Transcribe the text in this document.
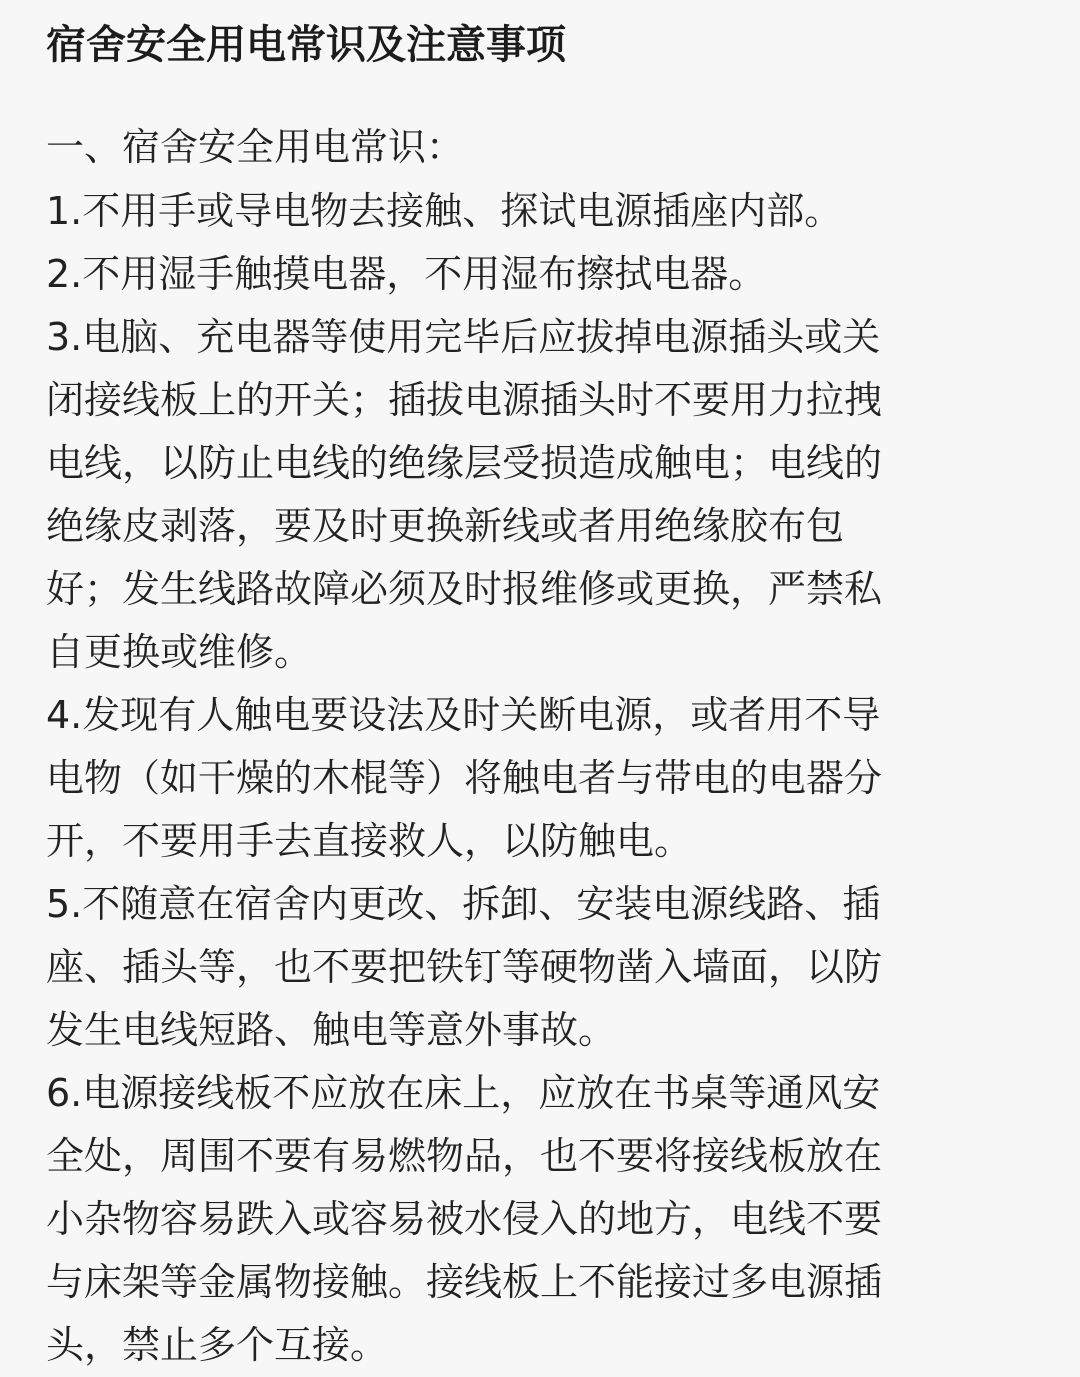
宿舍安全用电常识及注意事项
一、宿舍安全用电常识：
1.不用手或导电物去接触、探试电源插座内部。
2.不用湿手触摸电器，不用湿布擦拭电器。
3.电脑、充电器等使用完毕后应拔掉电源插头或关
闭接线板上的开关；插拔电源插头时不要用力拉拽
电线，以防止电线的绝缘层受损造成触电；电线的
绝缘皮剥落，要及时更换新线或者用绝缘胶布包
好；发生线路故障必须及时报维修或更换，严禁私
自更换或维修。
4.发现有人触电要设法及时关断电源，或者用不导
电物（如干燥的木棍等）将触电者与带电的电器分
开，不要用手去直接救人，以防触电。
5.不随意在宿舍内更改、拆卸、安装电源线路、插
座、插头等，也不要把铁钉等硬物凿入墙面，以防
发生电线短路、触电等意外事故。
6.电源接线板不应放在床上，应放在书桌等通风安
全处，周围不要有易燃物品，也不要将接线板放在
小杂物容易跌入或容易被水侵入的地方，电线不要
与床架等金属物接触。接线板上不能接过多电源插
头，禁止多个互接。
